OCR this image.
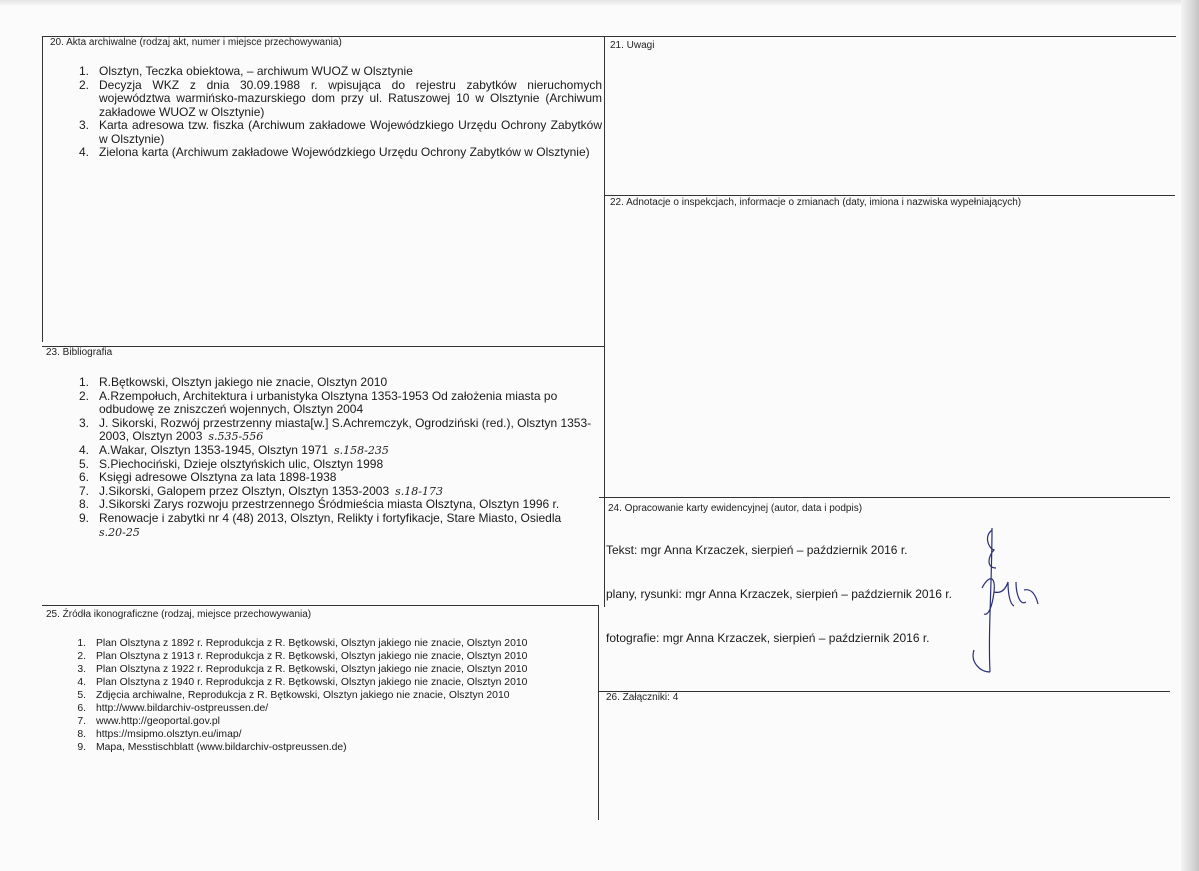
20. Akta archiwalne (rodzaj akt, numer i miejsce przechowywania)	21. Uwagi
22. Adnotacje o inspekcjach, informacje o zmianach (daty, imiona i nazwiska wypełniających)
23. Bibliografia
24. Opracowanie karty ewidencyjnej (autor, data i podpis)
25. Źródła ikonograficzne (rodzaj, miejsce przechowywania)
26. Załączniki: 4
1. Olsztyn, Teczka obiektowa, – archiwum WUOZ w Olsztynie
2. Decyzja WKZ z dnia 30.09.1988 r. wpisująca do rejestru zabytków nieruchomych województwa warmińsko-mazurskiego dom przy ul. Ratuszowej 10 w Olsztynie (Archiwum zakładowe WUOZ w Olsztynie)
3. Karta adresowa tzw. fiszka (Archiwum zakładowe Wojewódzkiego Urzędu Ochrony Zabytków w Olsztynie)
4. Zielona karta (Archiwum zakładowe Wojewódzkiego Urzędu Ochrony Zabytków w Olsztynie)
1. R.Bętkowski, Olsztyn jakiego nie znacie, Olsztyn 2010
2. A.Rzempołuch, Architektura i urbanistyka Olsztyna 1353-1953 Od założenia miasta po odbudowę ze zniszczeń wojennych, Olsztyn 2004
3. J. Sikorski, Rozwój przestrzenny miasta[w.] S.Achremczyk, Ogrodziński (red.), Olsztyn 1353-2003, Olsztyn 2003 s.535-556
4. A.Wakar, Olsztyn 1353-1945, Olsztyn 1971 s.158-235
5. S.Piechociński, Dzieje olsztyńskich ulic, Olsztyn 1998
6. Księgi adresowe Olsztyna za lata 1898-1938
7. J.Sikorski, Galopem przez Olsztyn, Olsztyn 1353-2003 s.18-173
8. J.Sikorski Zarys rozwoju przestrzennego Śródmieścia miasta Olsztyna, Olsztyn 1996 r.
9. Renowacje i zabytki nr 4 (48) 2013, Olsztyn, Relikty i fortyfikacje, Stare Miasto, Osiedla
s.20-25
Tekst: mgr Anna Krzaczek, sierpień – październik 2016 r.
plany, rysunki: mgr Anna Krzaczek, sierpień – październik 2016 r.
fotografie: mgr Anna Krzaczek, sierpień – październik 2016 r.
1. Plan Olsztyna z 1892 r. Reprodukcja z R. Bętkowski, Olsztyn jakiego nie znacie, Olsztyn 2010
2. Plan Olsztyna z 1913 r. Reprodukcja z R. Bętkowski, Olsztyn jakiego nie znacie, Olsztyn 2010
3. Plan Olsztyna z 1922 r. Reprodukcja z R. Bętkowski, Olsztyn jakiego nie znacie, Olsztyn 2010
4. Plan Olsztyna z 1940 r. Reprodukcja z R. Bętkowski, Olsztyn jakiego nie znacie, Olsztyn 2010
5. Zdjęcia archiwalne, Reprodukcja z R. Bętkowski, Olsztyn jakiego nie znacie, Olsztyn 2010
6. http://www.bildarchiv-ostpreussen.de/
7. www.http://geoportal.gov.pl
8. https://msipmo.olsztyn.eu/imap/
9. Mapa, Messtischblatt (www.bildarchiv-ostpreussen.de)
